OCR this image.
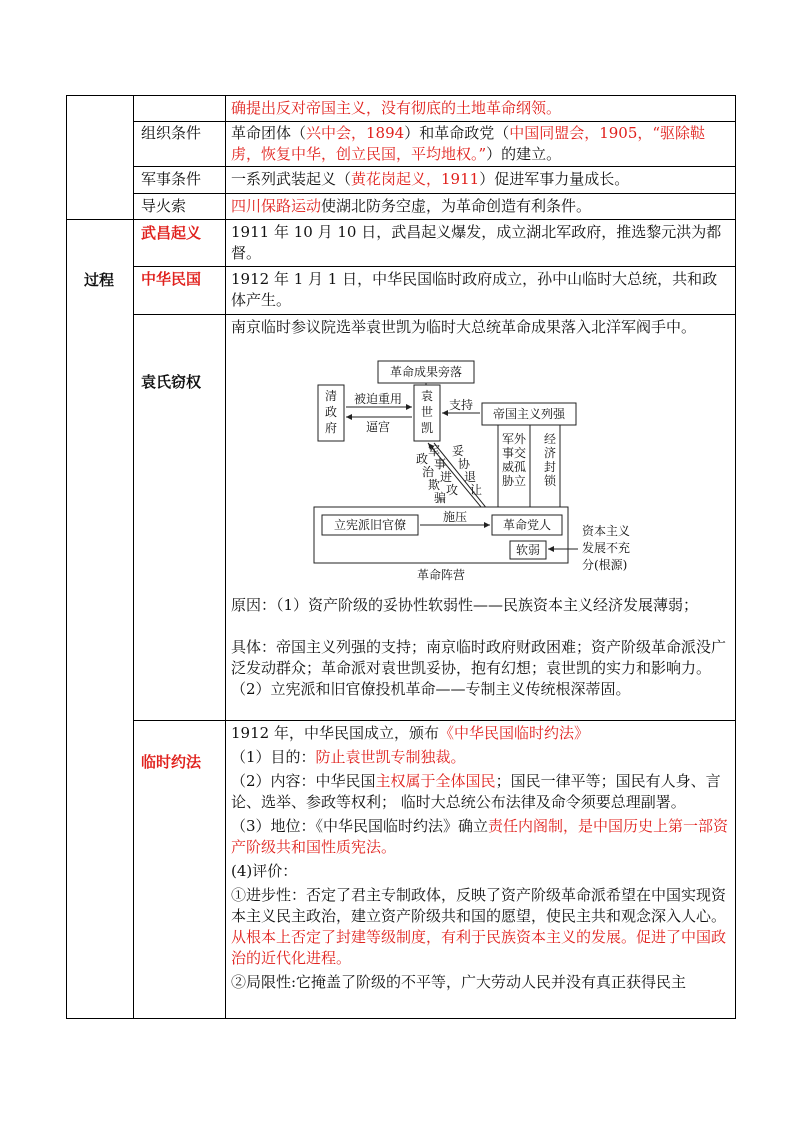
确提出反对帝国主义，没有彻底的土地革命纲领。
组织条件 革命团体（兴中会，1894）和革命政党（中国同盟会，1905，“驱除鞑虏，恢复中华，创立民国，平均地权。”）的建立。
军事条件 一系列武装起义（黄花岗起义，1911）促进军事力量成长。
导火索	四川保路运动使湖北防务空虚，为革命创造有利条件。
过程
武昌起义 1911 年 10 月 10 日，武昌起义爆发，成立湖北军政府，推选黎元洪为都督。
中华民国 1912 年 1 月 1 日，中华民国临时政府成立，孙中山临时大总统，共和政体产生。
袁氏窃权
南京临时参议院选举袁世凯为临时大总统革命成果落入北洋军阀手中。
革命成果旁落
清
政
府
袁
世
凯
帝国主义列强
被迫重用
逼宫
支持
军
事
威
胁
外
交
孤
立
经
济
封
锁
妥
协
退
让
政
治
欺
骗
军
事
进
攻
革命阵营
立宪派旧官僚
施压
革命党人
软弱
资本主义
发展不充
分(根源)
原因：（1）资产阶级的妥协性软弱性——民族资本主义经济发展薄弱；
具体：帝国主义列强的支持；南京临时政府财政困难；资产阶级革命派没广泛发动群众；革命派对袁世凯妥协，抱有幻想；袁世凯的实力和影响力。（2）立宪派和旧官僚投机革命——专制主义传统根深蒂固。
临时约法

1912 年，中华民国成立，颁布《中华民国临时约法》

（1）目的：防止袁世凯专制独裁。

（2）内容：中华民国主权属于全体国民；国民一律平等；国民有人身、言论、选举、参政等权利； 临时大总统公布法律及命令须要总理副署。

（3）地位：《中华民国临时约法》确立责任内阁制，是中国历史上第一部资产阶级共和国性质宪法。

(4)评价：

①进步性：否定了君主专制政体，反映了资产阶级革命派希望在中国实现资本主义民主政治，建立资产阶级共和国的愿望，使民主共和观念深入人心。从根本上否定了封建等级制度，有利于民族资本主义的发展。促进了中国政治的近代化进程。

②局限性:它掩盖了阶级的不平等，广大劳动人民并没有真正获得民主
